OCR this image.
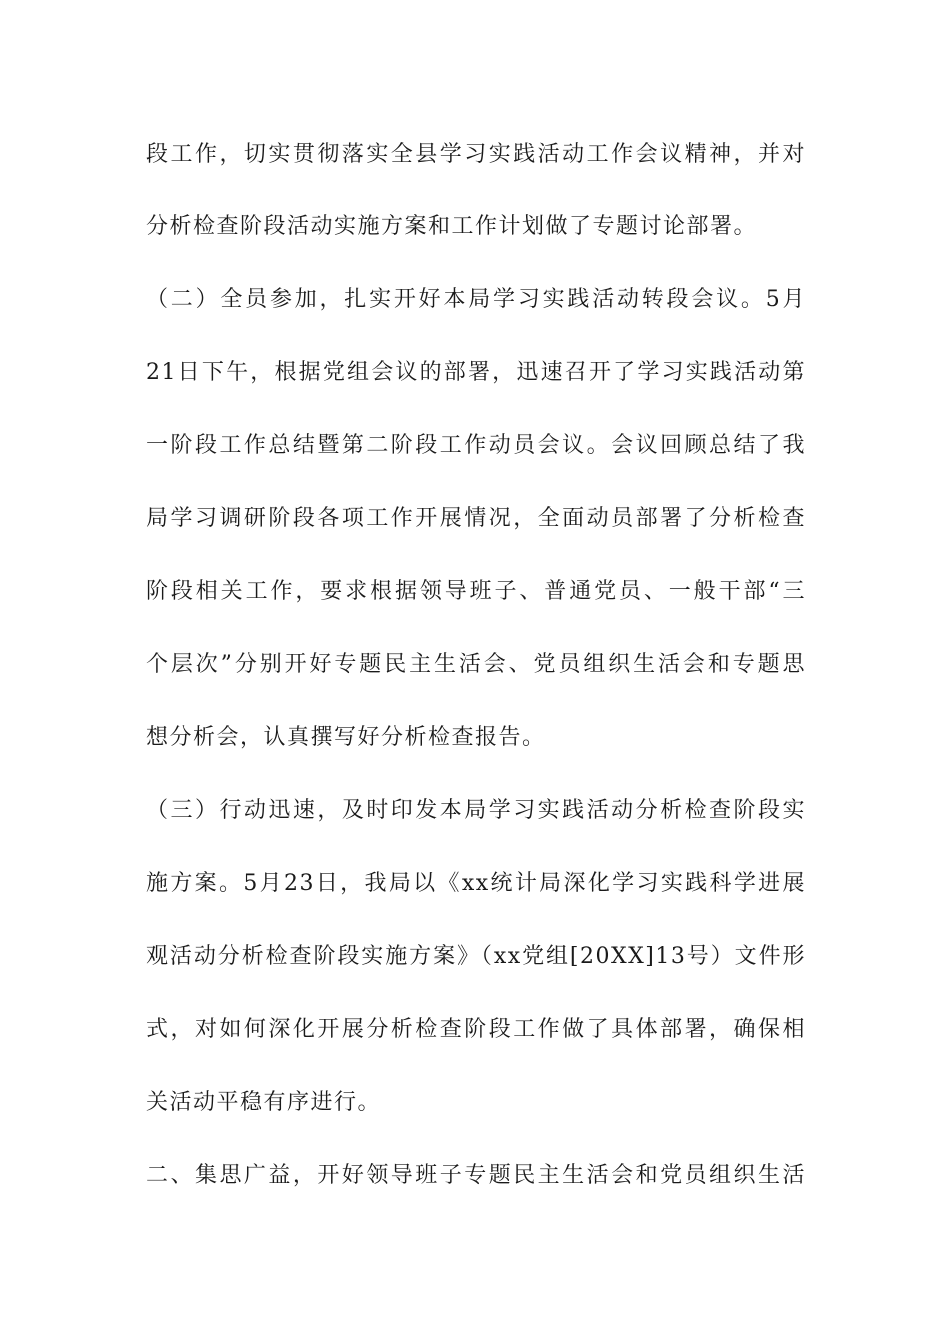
段工作，切实贯彻落实全县学习实践活动工作会议精神，并对
分析检查阶段活动实施方案和工作计划做了专题讨论部署。
（二）全员参加，扎实开好本局学习实践活动转段会议。5月
21日下午，根据党组会议的部署，迅速召开了学习实践活动第
一阶段工作总结暨第二阶段工作动员会议。会议回顾总结了我
局学习调研阶段各项工作开展情况，全面动员部署了分析检查
阶段相关工作，要求根据领导班子、普通党员、一般干部“三
个层次”分别开好专题民主生活会、党员组织生活会和专题思
想分析会，认真撰写好分析检查报告。
（三）行动迅速，及时印发本局学习实践活动分析检查阶段实
施方案。5月23日，我局以《xx统计局深化学习实践科学进展
观活动分析检查阶段实施方案》（xx党组[20XX]13号）文件形
式，对如何深化开展分析检查阶段工作做了具体部署，确保相
关活动平稳有序进行。
二、集思广益，开好领导班子专题民主生活会和党员组织生活
